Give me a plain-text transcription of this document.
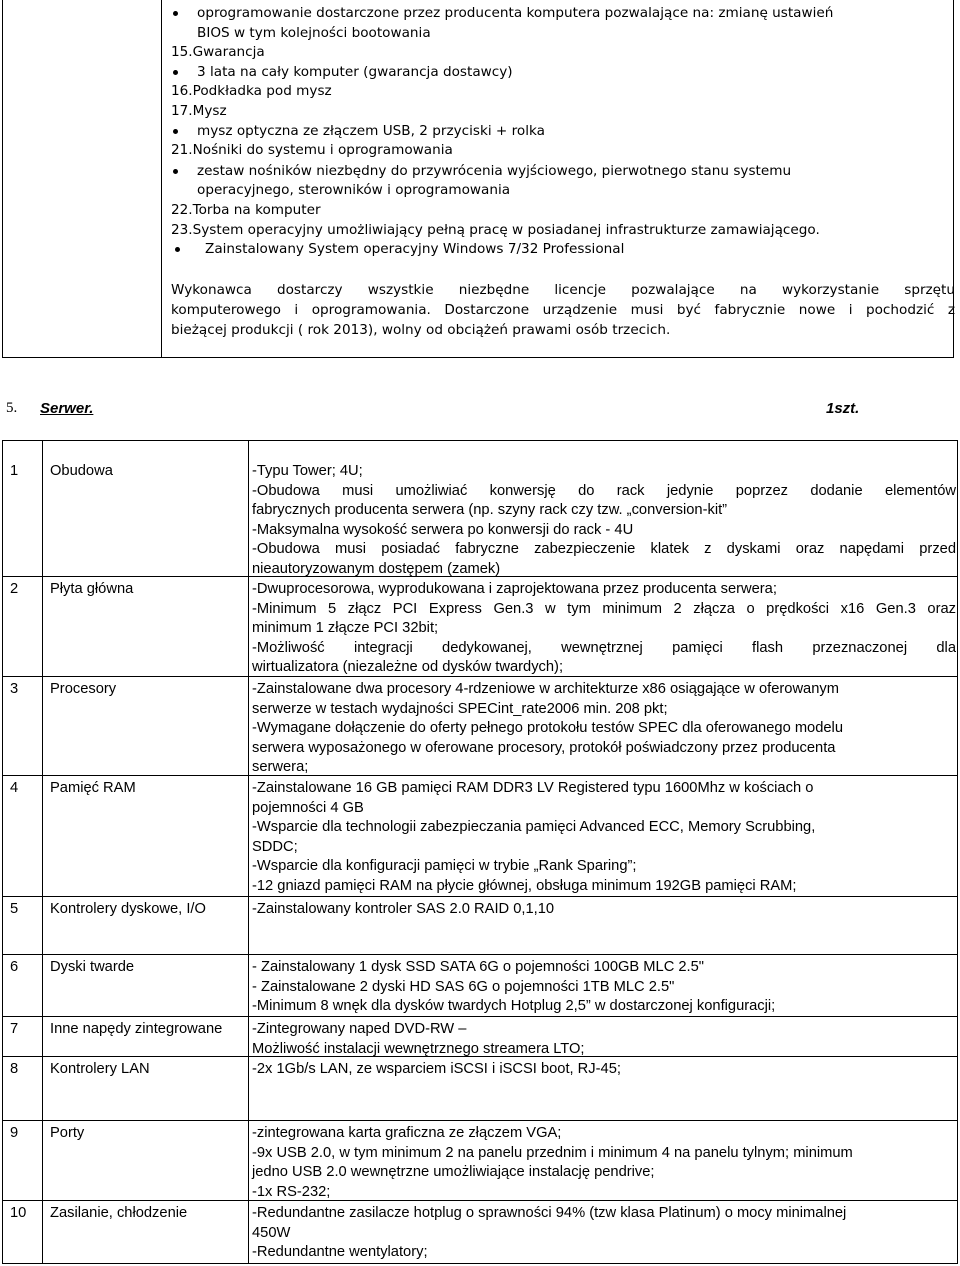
oprogramowanie dostarczone przez producenta komputera pozwalające na: zmianę ustawień
BIOS w tym kolejności bootowania
15.Gwarancja
3 lata na cały komputer (gwarancja dostawcy)
16.Podkładka pod mysz
17.Mysz
mysz optyczna ze złączem USB, 2 przyciski + rolka
21.Nośniki do systemu i oprogramowania
zestaw nośników niezbędny do przywrócenia wyjściowego, pierwotnego stanu systemu
operacyjnego, sterowników i oprogramowania
22.Torba na komputer
23.System operacyjny umożliwiający pełną pracę w posiadanej infrastrukturze zamawiającego.
Zainstalowany System operacyjny Windows 7/32 Professional
Wykonawca dostarczy wszystkie niezbędne licencje pozwalające na wykorzystanie sprzętu
komputerowego i oprogramowania. Dostarczone urządzenie musi być fabrycznie nowe i pochodzić z
bieżącej produkcji ( rok 2013), wolny od obciążeń prawami osób trzecich.
5. Serwer.	1szt.
1 Obudowa	-Typu Tower; 4U;
-Obudowa musi umożliwiać konwersję do rack jedynie poprzez dodanie elementów
fabrycznych producenta serwera (np. szyny rack czy tzw. „conversion-kit”
-Maksymalna wysokość serwera po konwersji do rack - 4U
-Obudowa musi posiadać fabryczne zabezpieczenie klatek z dyskami oraz napędami przed
nieautoryzowanym dostępem (zamek)
2 Płyta główna	-Dwuprocesorowa, wyprodukowana i zaprojektowana przez producenta serwera;
-Minimum 5 złącz PCI Express Gen.3 w tym minimum 2 złącza o prędkości x16 Gen.3 oraz
minimum 1 złącze PCI 32bit;
-Możliwość integracji dedykowanej, wewnętrznej pamięci flash przeznaczonej dla
wirtualizatora (niezależne od dysków twardych);
3 Procesory	-Zainstalowane dwa procesory 4-rdzeniowe w architekturze x86 osiągające w oferowanym
serwerze w testach wydajności SPECint_rate2006 min. 208 pkt;
-Wymagane dołączenie do oferty pełnego protokołu testów SPEC dla oferowanego modelu
serwera wyposażonego w oferowane procesory, protokół poświadczony przez producenta
serwera;
4 Pamięć RAM	-Zainstalowane 16 GB pamięci RAM DDR3 LV Registered typu 1600Mhz w kościach o
pojemności 4 GB
-Wsparcie dla technologii zabezpieczania pamięci Advanced ECC, Memory Scrubbing,
SDDC;
-Wsparcie dla konfiguracji pamięci w trybie „Rank Sparing”;
-12 gniazd pamięci RAM na płycie głównej, obsługa minimum 192GB pamięci RAM;
5 Kontrolery dyskowe, I/O	-Zainstalowany kontroler SAS 2.0 RAID 0,1,10
6 Dyski twarde	- Zainstalowany 1 dysk SSD SATA 6G o pojemności 100GB MLC 2.5"
- Zainstalowane 2 dyski HD SAS 6G o pojemności 1TB MLC 2.5"
-Minimum 8 wnęk dla dysków twardych Hotplug 2,5” w dostarczonej konfiguracji;
7 Inne napędy zintegrowane -Zintegrowany naped DVD-RW –
Możliwość instalacji wewnętrznego streamera LTO;
8 Kontrolery LAN	-2x 1Gb/s LAN, ze wsparciem iSCSI i iSCSI boot, RJ-45;
9 Porty	-zintegrowana karta graficzna ze złączem VGA;
-9x USB 2.0, w tym minimum 2 na panelu przednim i minimum 4 na panelu tylnym; minimum
jedno USB 2.0 wewnętrzne umożliwiające instalację pendrive;
-1x RS-232;
10 Zasilanie, chłodzenie	-Redundantne zasilacze hotplug o sprawności 94% (tzw klasa Platinum) o mocy minimalnej
450W
-Redundantne wentylatory;
